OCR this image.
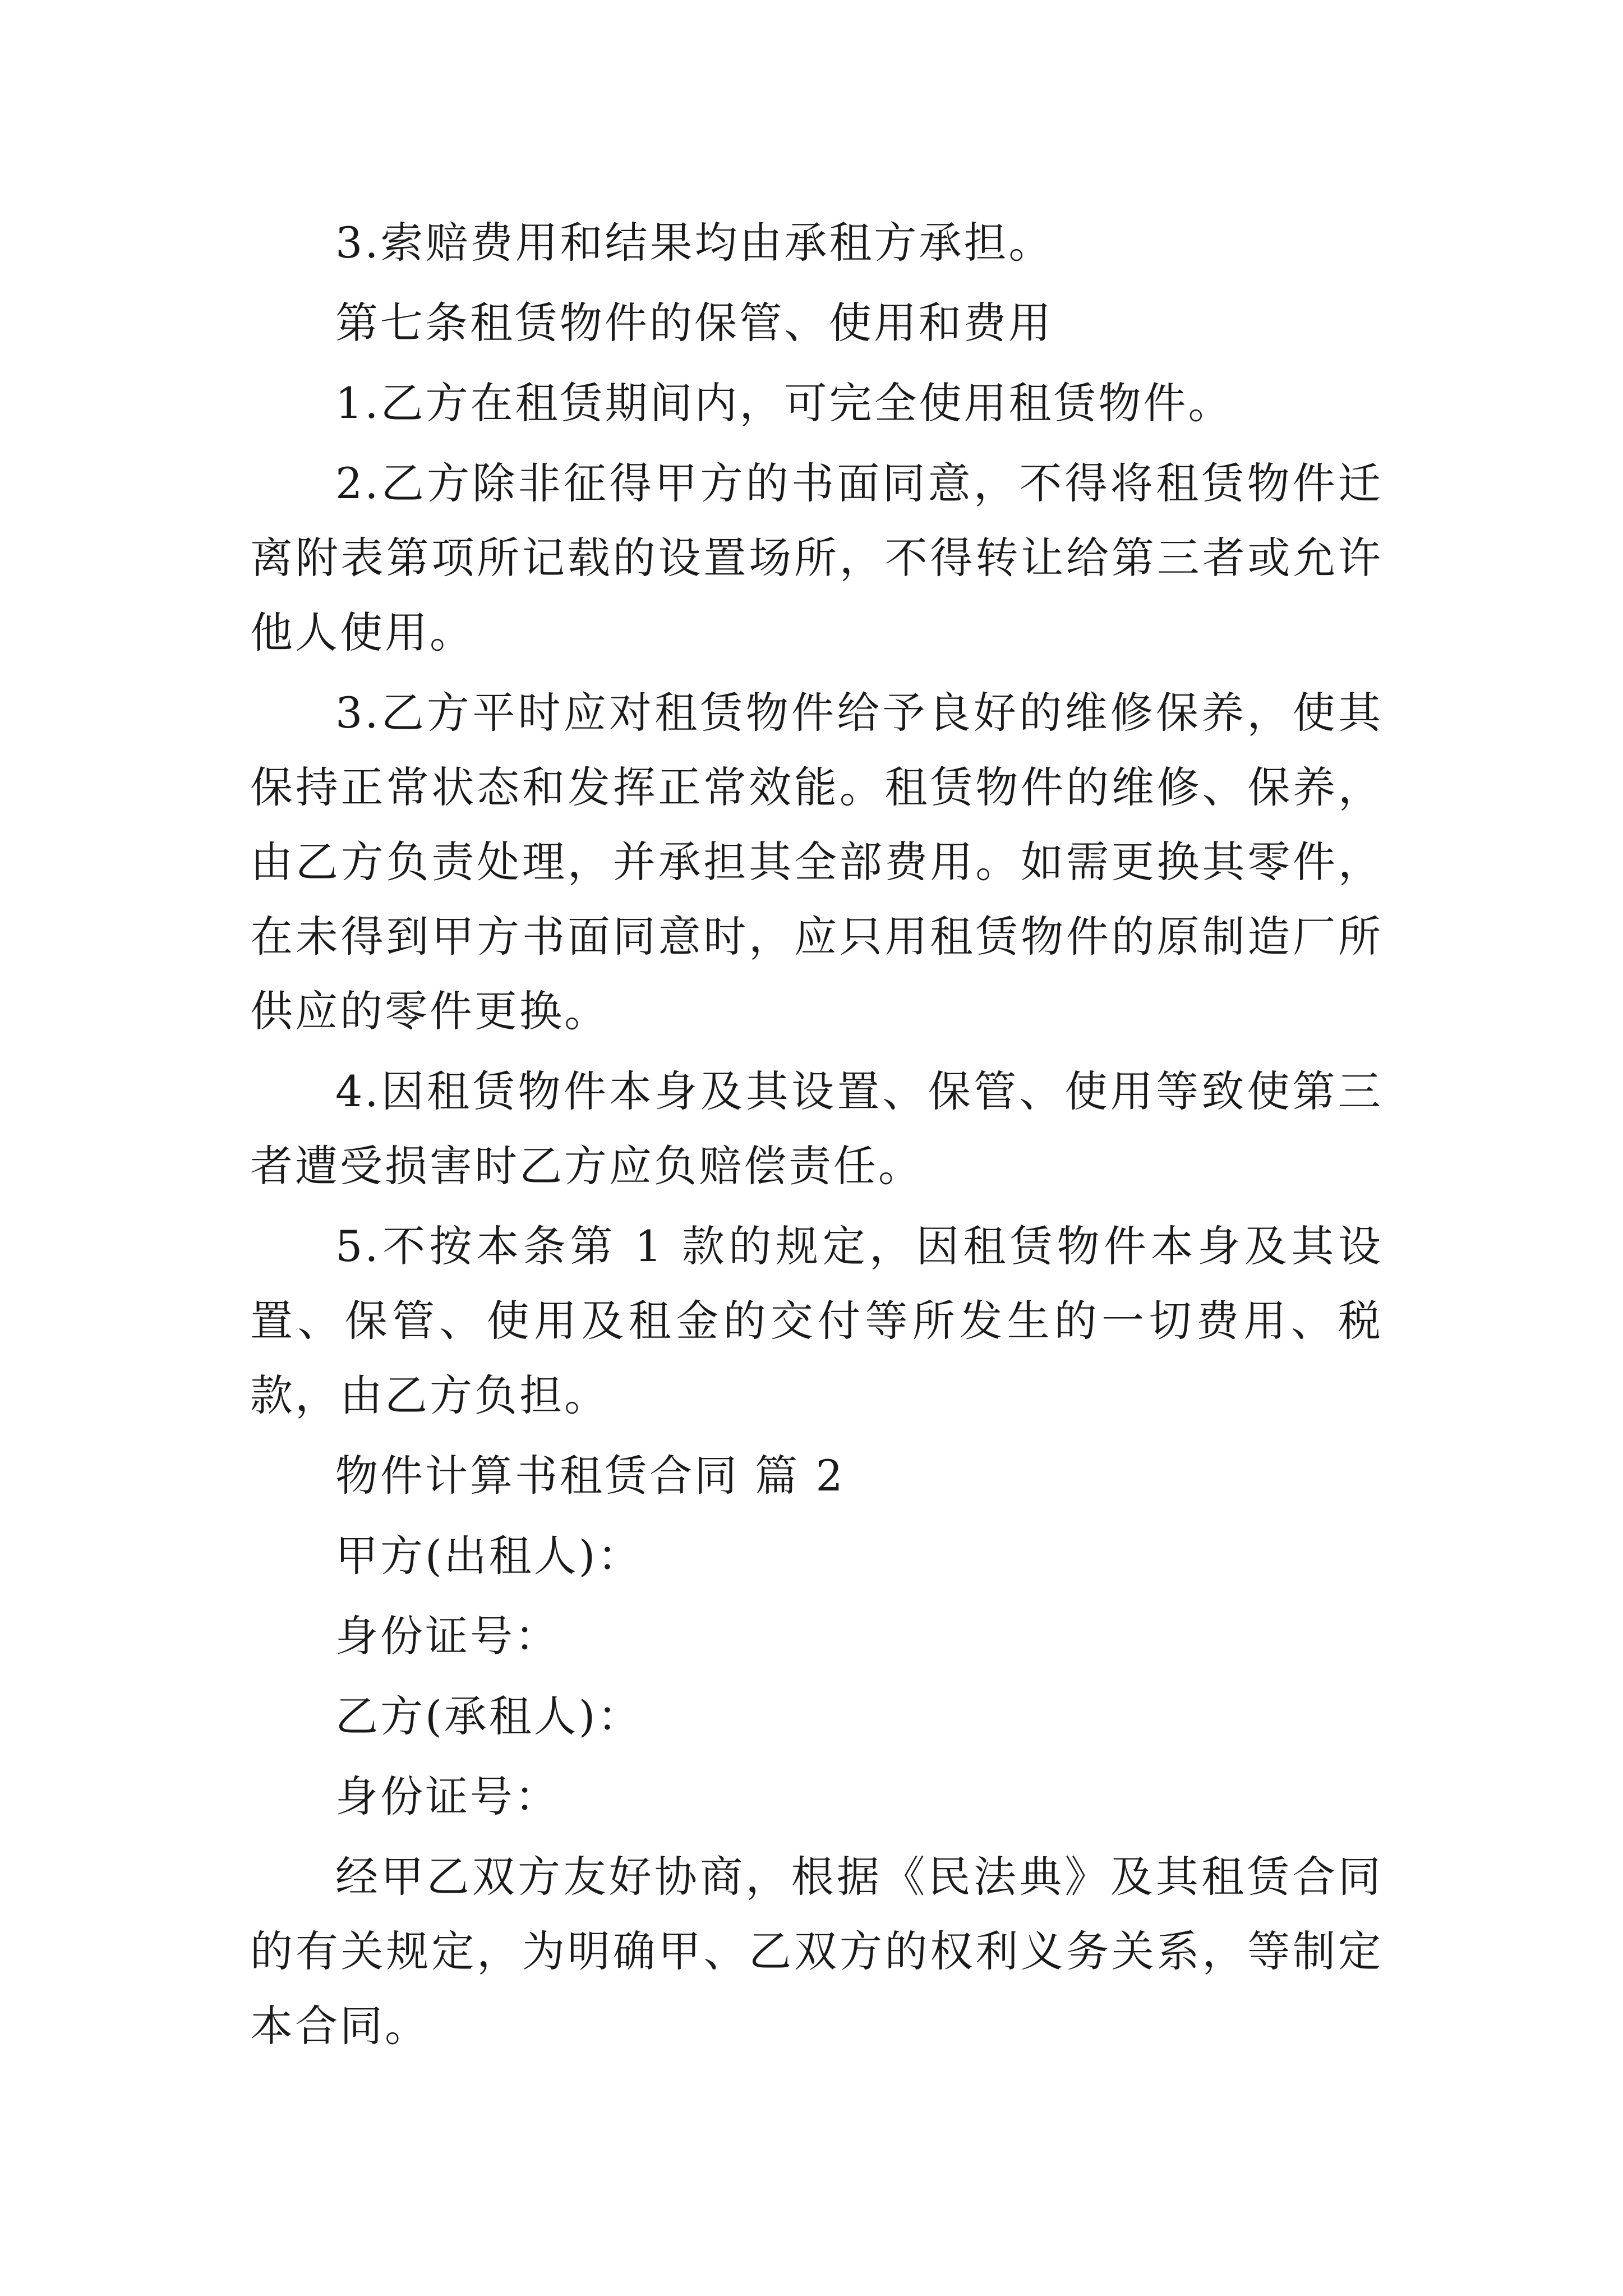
3.索赔费用和结果均由承租方承担。

第七条租赁物件的保管、使用和费用

1.乙方在租赁期间内，可完全使用租赁物件。

2.乙方除非征得甲方的书面同意，不得将租赁物件迁离附表第项所记载的设置场所，不得转让给第三者或允许他人使用。

3.乙方平时应对租赁物件给予良好的维修保养，使其保持正常状态和发挥正常效能。租赁物件的维修、保养，由乙方负责处理，并承担其全部费用。如需更换其零件，在未得到甲方书面同意时，应只用租赁物件的原制造厂所供应的零件更换。

4.因租赁物件本身及其设置、保管、使用等致使第三者遭受损害时乙方应负赔偿责任。

5.不按本条第 1 款的规定，因租赁物件本身及其设置、保管、使用及租金的交付等所发生的一切费用、税款，由乙方负担。

物件计算书租赁合同 篇 2

甲方(出租人)：

身份证号：

乙方(承租人)：

身份证号：

经甲乙双方友好协商，根据《民法典》及其租赁合同的有关规定，为明确甲、乙双方的权利义务关系，等制定本合同。
